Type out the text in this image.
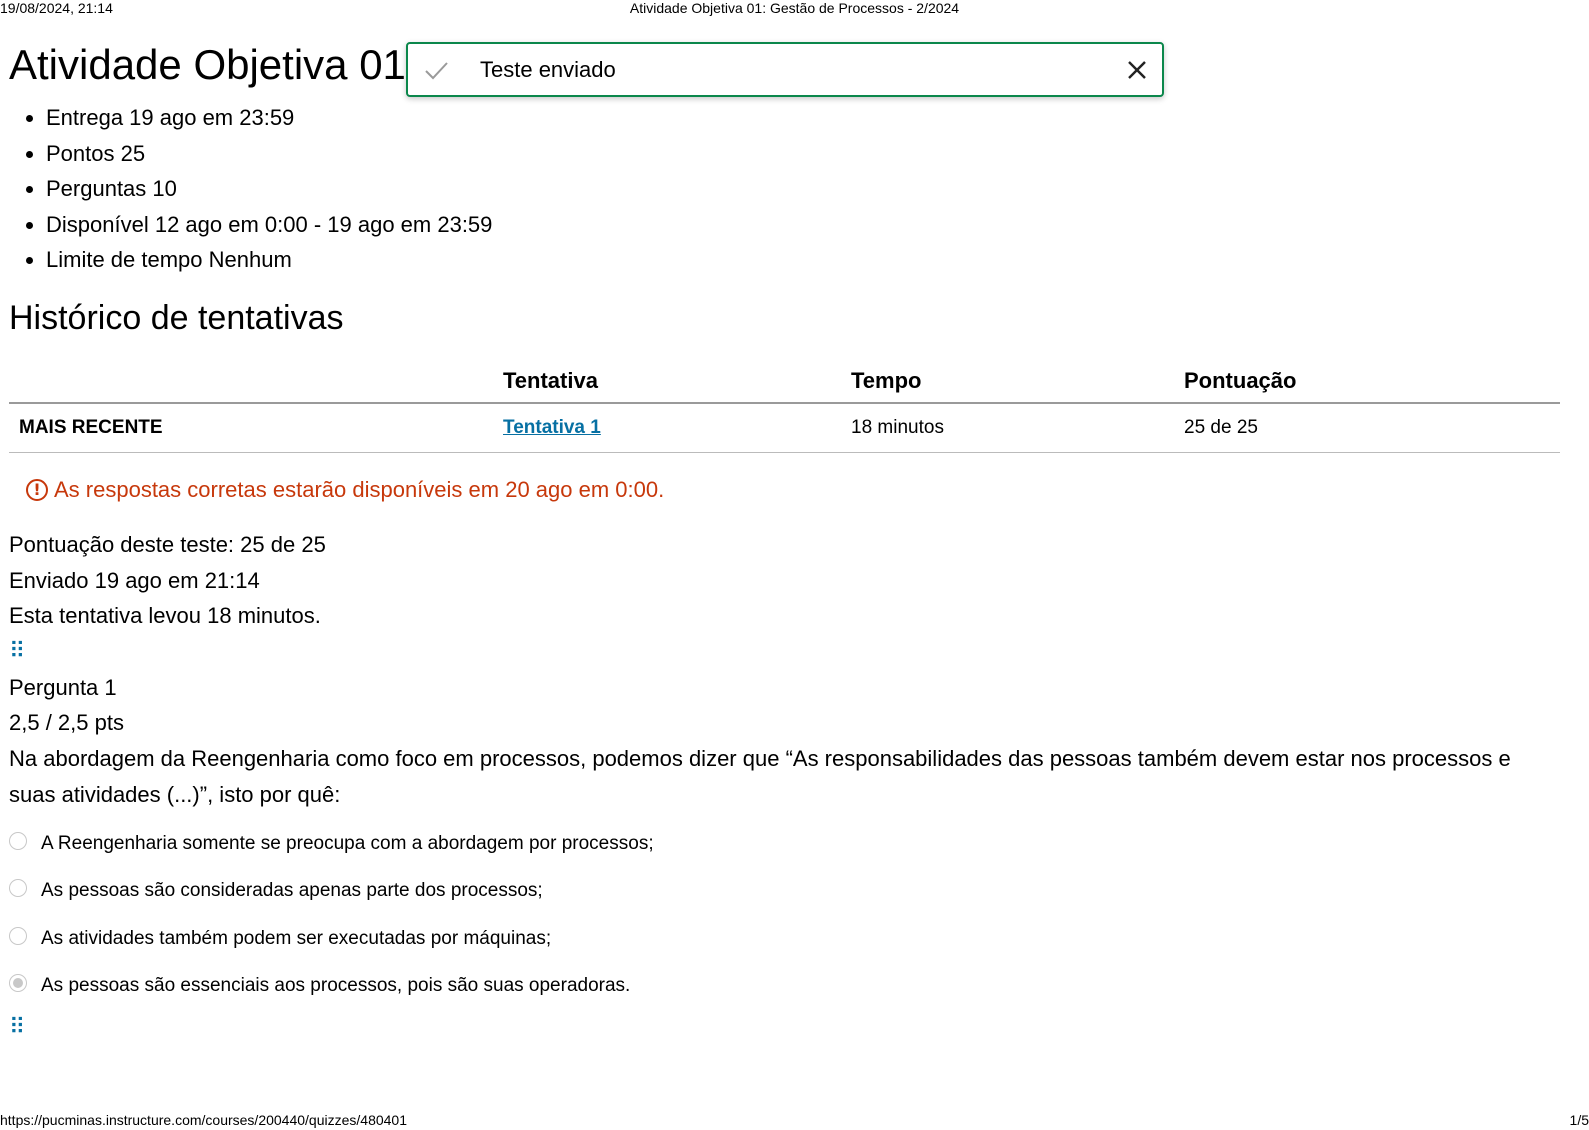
Atividade Objetiva 01: Gestão de Processos - 2/2024
19/08/2024, 21:14
Atividade Objetiva 01
• Entrega 19 ago em 23:59
• Pontos 25
• Perguntas 10
• Disponível 12 ago em 0:00 - 19 ago em 23:59
• Limite de tempo Nenhum
Histórico de tentativas
	Tentativa	Tempo	Pontuação
MAIS RECENTE	Tentativa 1	18 minutos	25 de 25
! As respostas corretas estarão disponíveis em 20 ago em 0:00.
Pontuação deste teste: 25 de 25
Enviado 19 ago em 21:14
Esta tentativa levou 18 minutos.
⠿
Pergunta 1
2,5 / 2,5 pts
Na abordagem da Reengenharia como foco em processos, podemos dizer que “As responsabilidades das pessoas também devem estar nos processos e suas atividades (...)”, isto por quê:
A Reengenharia somente se preocupa com a abordagem por processos;
As pessoas são consideradas apenas parte dos processos;
As atividades também podem ser executadas por máquinas;
As pessoas são essenciais aos processos, pois são suas operadoras.
⠿
Teste enviado
https://pucminas.instructure.com/courses/200440/quizzes/480401	1/5
